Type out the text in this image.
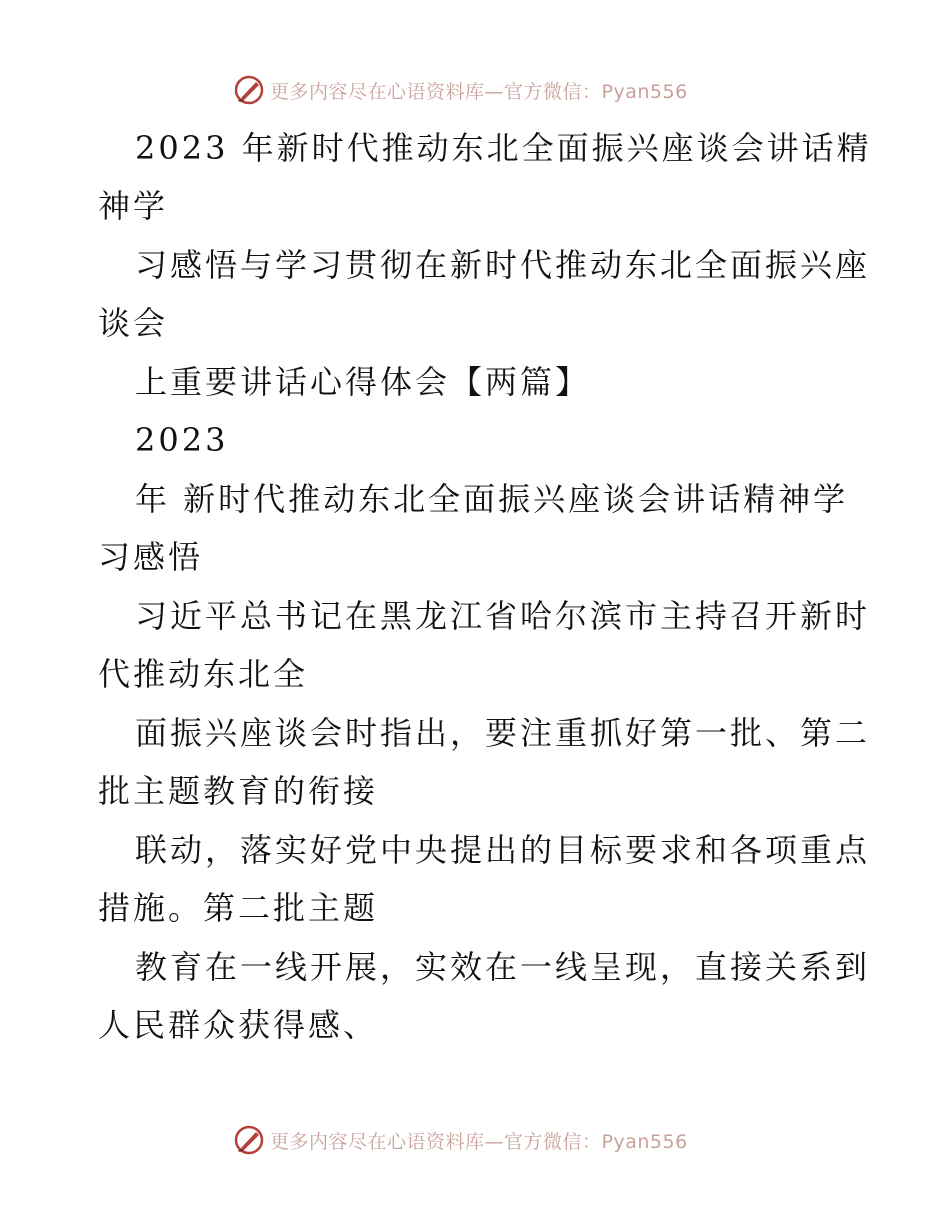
更多内容尽在心语资料库—官方微信：Pyan556
2023 年新时代推动东北全面振兴座谈会讲话精
神学
习感悟与学习贯彻在新时代推动东北全面振兴座
谈会
上重要讲话心得体会【两篇】
2023
年 新时代推动东北全面振兴座谈会讲话精神学
习感悟
习近平总书记在黑龙江省哈尔滨市主持召开新时
代推动东北全
面振兴座谈会时指出，要注重抓好第一批、第二
批主题教育的衔接
联动，落实好党中央提出的目标要求和各项重点
措施。第二批主题
教育在一线开展，实效在一线呈现，直接关系到
人民群众获得感、
更多内容尽在心语资料库—官方微信：Pyan556
